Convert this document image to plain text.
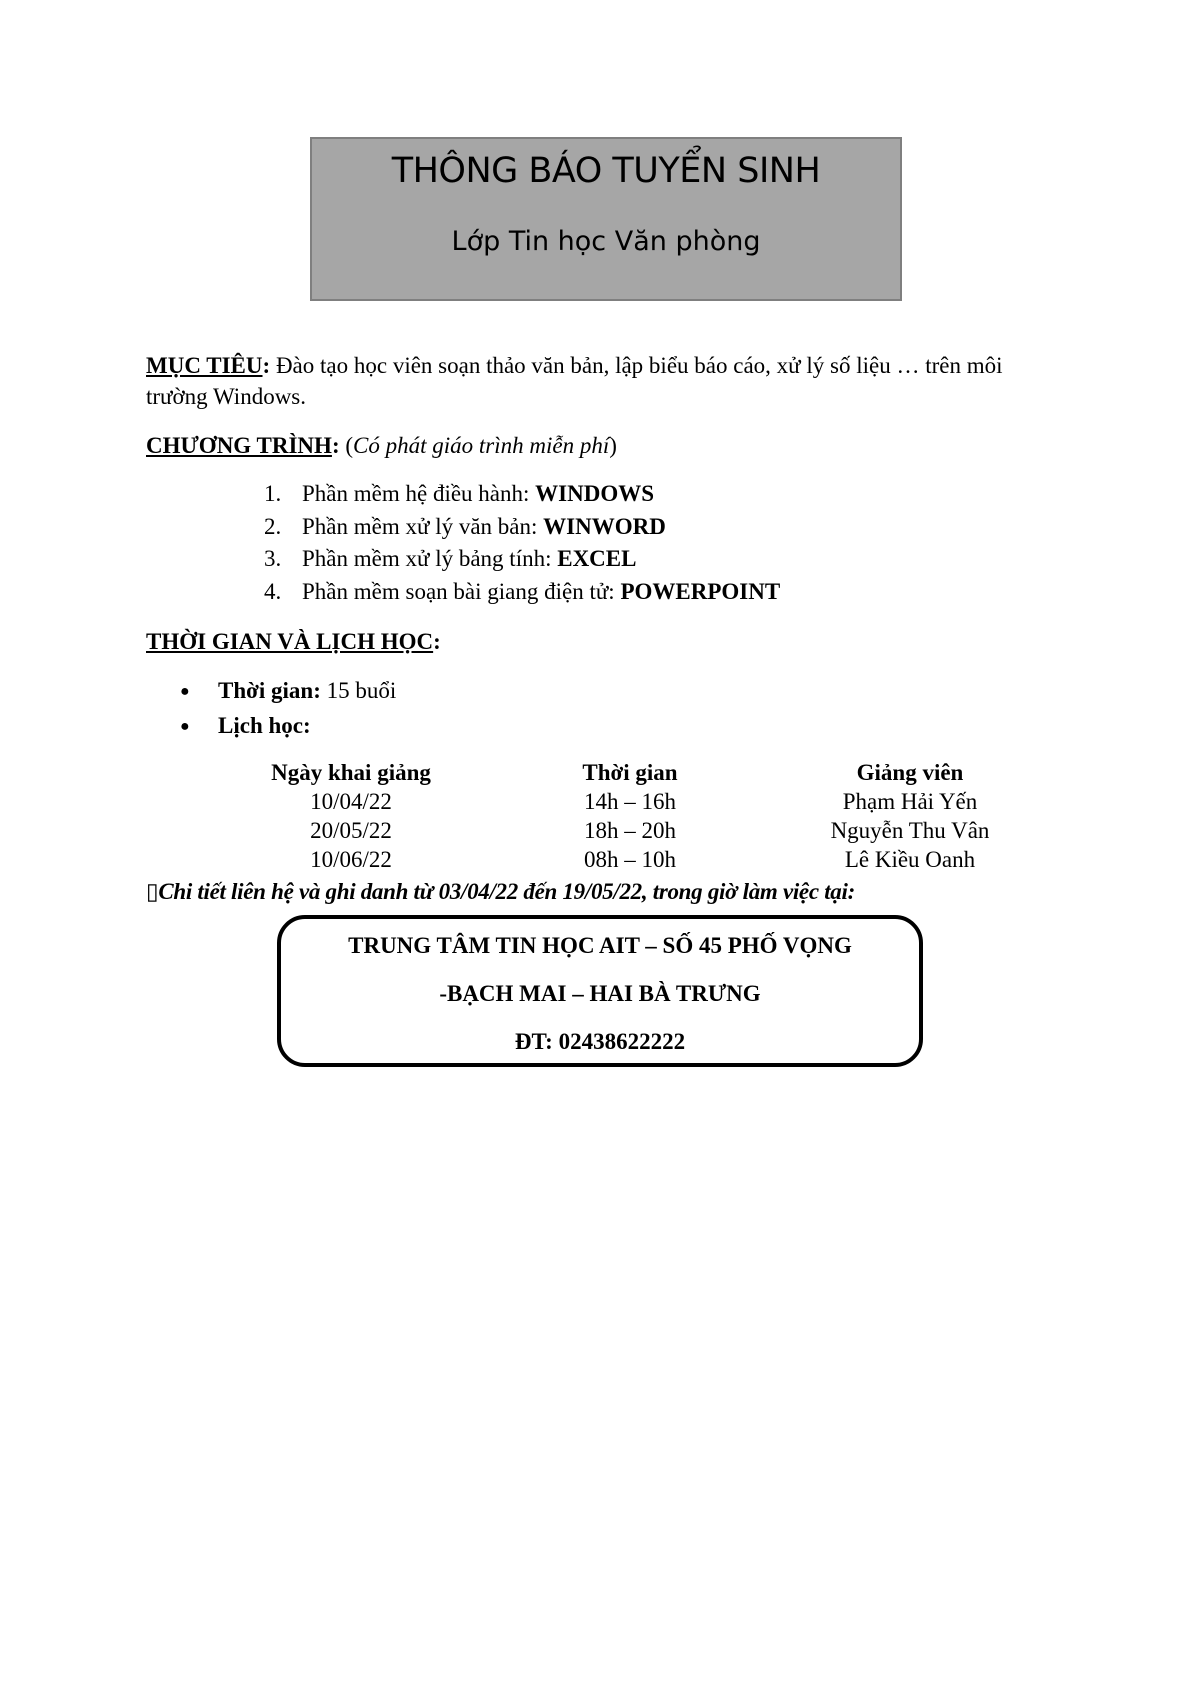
THÔNG BÁO TUYỂN SINH
Lớp Tin học Văn phòng
MỤC TIÊU: Đào tạo học viên soạn thảo văn bản, lập biểu báo cáo, xử lý số liệu … trên môi trường Windows.
CHƯƠNG TRÌNH: (Có phát giáo trình miễn phí)
1. Phần mềm hệ điều hành: WINDOWS
2. Phần mềm xử lý văn bản: WINWORD
3. Phần mềm xử lý bảng tính: EXCEL
4. Phần mềm soạn bài giang điện tử: POWERPOINT
THỜI GIAN VÀ LỊCH HỌC:
● Thời gian: 15 buổi
● Lịch học:
Ngày khai giảng
10/04/22
20/05/22
10/06/22
Thời gian
14h – 16h
18h – 20h
08h – 10h
Giảng viên
Phạm Hải Yến
Nguyễn Thu Vân
Lê Kiều Oanh
▯Chi tiết liên hệ và ghi danh từ 03/04/22 đến 19/05/22, trong giờ làm việc tại:
TRUNG TÂM TIN HỌC AIT – SỐ 45 PHỐ VỌNG
-BẠCH MAI – HAI BÀ TRƯNG
ĐT: 02438622222
